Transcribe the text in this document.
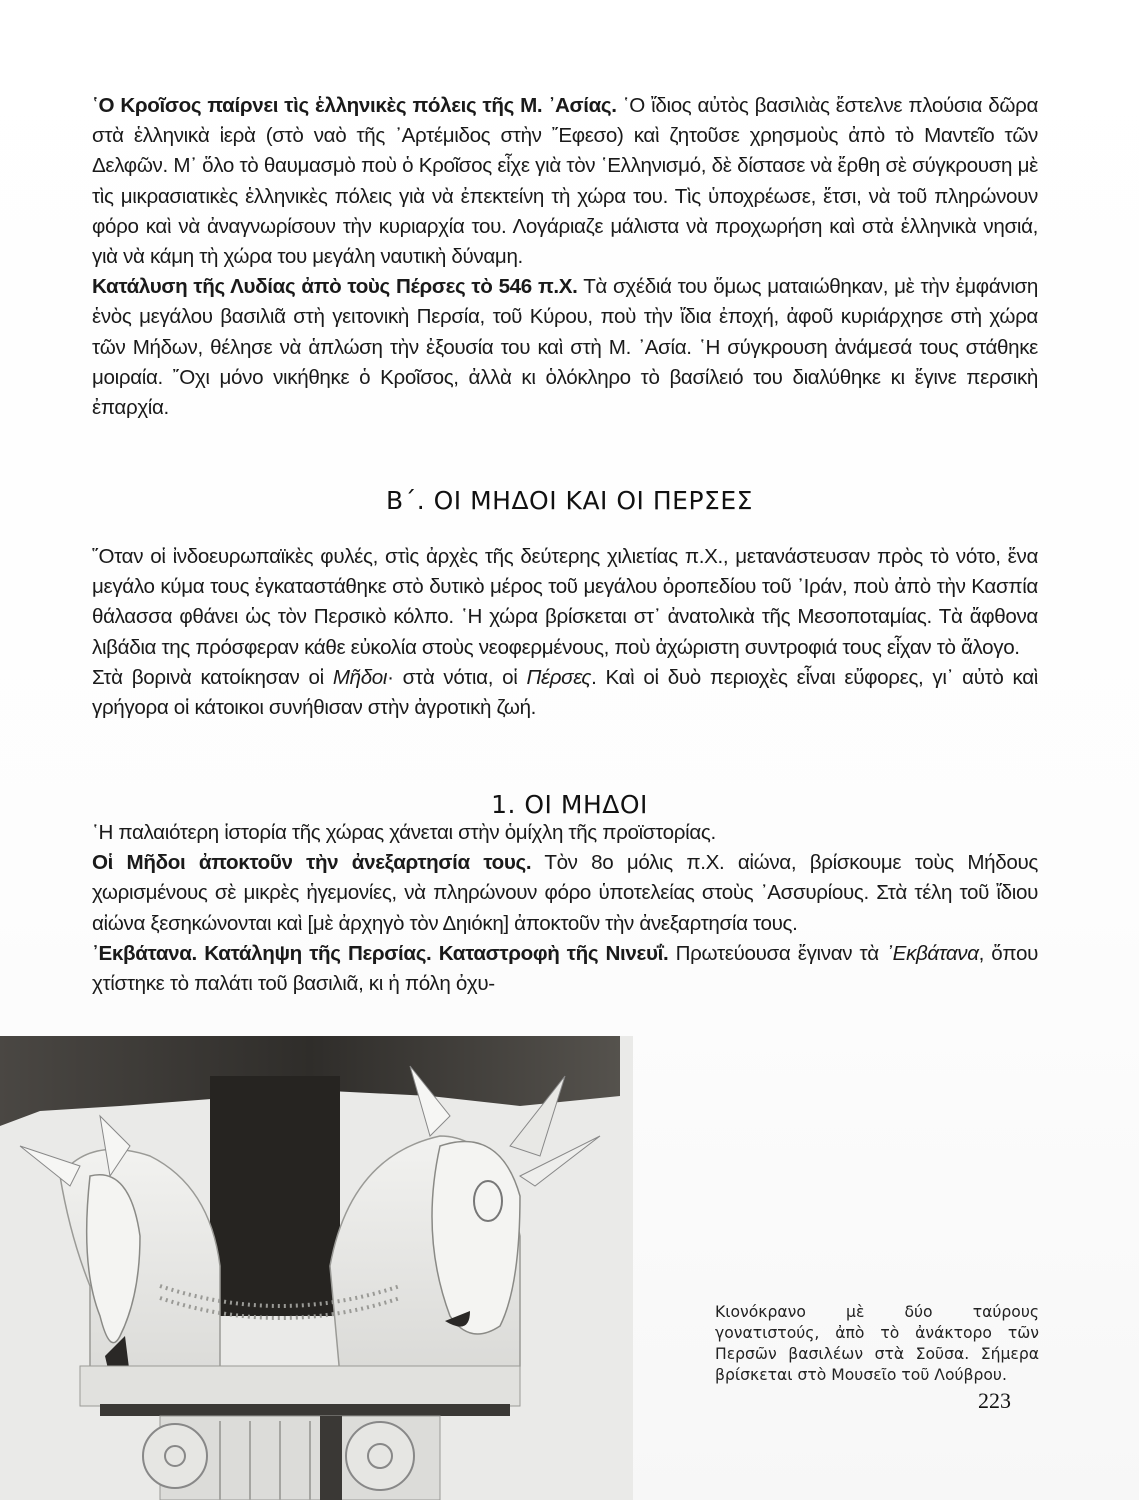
῾Ο Κροῖσος παίρνει τὶς ἑλληνικὲς πόλεις τῆς Μ. ᾿Ασίας. ῾Ο ἴδιος αὐτὸς βασιλιὰς ἔστελνε πλούσια δῶρα στὰ ἑλληνικὰ ἱερὰ (στὸ ναὸ τῆς ᾿Αρτέμιδος στὴν ῎Εφεσο) καὶ ζητοῦσε χρησμοὺς ἀπὸ τὸ Μαντεῖο τῶν Δελφῶν. Μ᾿ ὅλο τὸ θαυμασμὸ ποὺ ὁ Κροῖσος εἶχε γιὰ τὸν ῾Ελληνισμό, δὲ δίστασε νὰ ἔρθη σὲ σύγκρουση μὲ τὶς μικρασιατικὲς ἑλληνικὲς πόλεις γιὰ νὰ ἐπεκτείνη τὴ χώρα του. Τὶς ὑποχρέωσε, ἔτσι, νὰ τοῦ πληρώνουν φόρο καὶ νὰ ἀναγνωρίσουν τὴν κυριαρχία του. Λογάριαζε μάλιστα νὰ προχωρήση καὶ στὰ ἑλληνικὰ νησιά, γιὰ νὰ κάμη τὴ χώρα του μεγάλη ναυτικὴ δύναμη.

Κατάλυση τῆς Λυδίας ἀπὸ τοὺς Πέρσες τὸ 546 π.Χ. Τὰ σχέδιά του ὅμως ματαιώθηκαν, μὲ τὴν ἐμφάνιση ἑνὸς μεγάλου βασιλιᾶ στὴ γειτονικὴ Περσία, τοῦ Κύρου, ποὺ τὴν ἴδια ἐποχή, ἀφοῦ κυριάρχησε στὴ χώρα τῶν Μήδων, θέλησε νὰ ἁπλώση τὴν ἐξουσία του καὶ στὴ Μ. ᾿Ασία. ῾Η σύγκρουση ἀνάμεσά τους στάθηκε μοιραία. ῎Οχι μόνο νικήθηκε ὁ Κροῖσος, ἀλλὰ κι ὁλόκληρο τὸ βασίλειό του διαλύθηκε κι ἔγινε περσικὴ ἐπαρχία.

Β΄. ΟΙ ΜΗΔΟΙ ΚΑΙ ΟΙ ΠΕΡΣΕΣ

῞Οταν οἱ ἰνδοευρωπαϊκὲς φυλές, στὶς ἀρχὲς τῆς δεύτερης χιλιετίας π.Χ., μετανάστευσαν πρὸς τὸ νότο, ἕνα μεγάλο κύμα τους ἐγκαταστάθηκε στὸ δυτικὸ μέρος τοῦ μεγάλου ὀροπεδίου τοῦ ᾿Ιράν, ποὺ ἀπὸ τὴν Κασπία θάλασσα φθάνει ὡς τὸν Περσικὸ κόλπο. ῾Η χώρα βρίσκεται στ᾿ ἀνατολικὰ τῆς Μεσοποταμίας. Τὰ ἄφθονα λιβάδια της πρόσφεραν κάθε εὐκολία στοὺς νεοφερμένους, ποὺ ἀχώριστη συντροφιά τους εἶχαν τὸ ἄλογο.

Στὰ βορινὰ κατοίκησαν οἱ Μῆδοι· στὰ νότια, οἱ Πέρσες. Καὶ οἱ δυὸ περιοχὲς εἶναι εὔφορες, γι᾿ αὐτὸ καὶ γρήγορα οἱ κάτοικοι συνήθισαν στὴν ἀγροτικὴ ζωή.

1. ΟΙ ΜΗΔΟΙ

῾Η παλαιότερη ἱστορία τῆς χώρας χάνεται στὴν ὁμίχλη τῆς προϊστορίας.

Οἱ Μῆδοι ἀποκτοῦν τὴν ἀνεξαρτησία τους. Τὸν 8ο μόλις π.Χ. αἰώνα, βρίσκουμε τοὺς Μήδους χωρισμένους σὲ μικρὲς ἡγεμονίες, νὰ πληρώνουν φόρο ὑποτελείας στοὺς ᾿Ασσυρίους. Στὰ τέλη τοῦ ἴδιου αἰώνα ξεσηκώνονται καὶ [μὲ ἀρχηγὸ τὸν Δηιόκη] ἀποκτοῦν τὴν ἀνεξαρτησία τους.

᾿Εκβάτανα. Κατάληψη τῆς Περσίας. Καταστροφὴ τῆς Νινευΐ. Πρωτεύουσα ἔγιναν τὰ ᾿Εκβάτανα, ὅπου χτίστηκε τὸ παλάτι τοῦ βασιλιᾶ, κι ἡ πόλη ὀχυ-

Κιονόκρανο μὲ δύο ταύρους γονατιστούς, ἀπὸ τὸ ἀνάκτορο τῶν Περσῶν βασιλέων στὰ Σοῦσα. Σήμερα βρίσκεται στὸ Μουσεῖο τοῦ Λούβρου.
223
